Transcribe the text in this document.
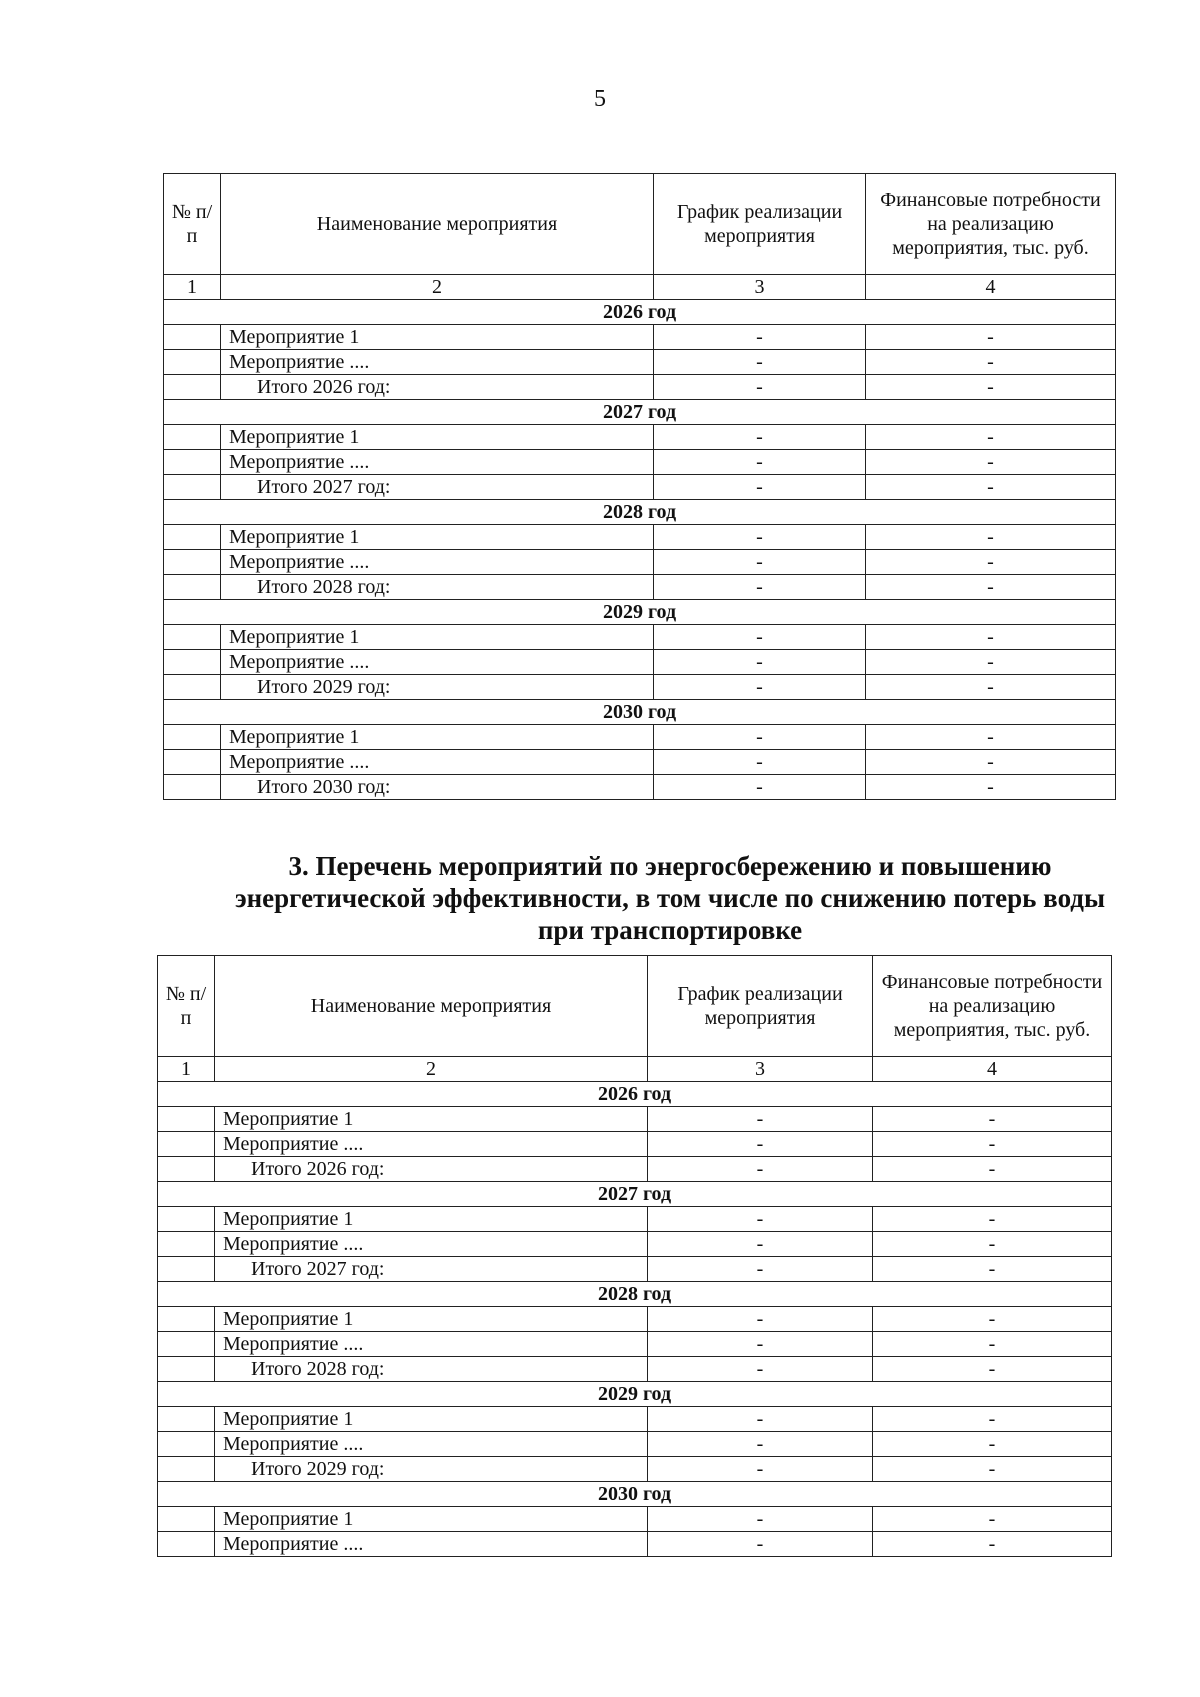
5
№ п/п	Наименование мероприятия	График реализации мероприятия	Финансовые потребности на реализацию мероприятия, тыс. руб.
1	2	3	4
2026 год			
	Мероприятие 1	-	-
	Мероприятие ....	-	-
	Итого 2026 год:	-	-
2027 год			
	Мероприятие 1	-	-
	Мероприятие ....	-	-
	Итого 2027 год:	-	-
2028 год			
	Мероприятие 1	-	-
	Мероприятие ....	-	-
	Итого 2028 год:	-	-
2029 год			
	Мероприятие 1	-	-
	Мероприятие ....	-	-
	Итого 2029 год:	-	-
2030 год			
	Мероприятие 1	-	-
	Мероприятие ....	-	-
	Итого 2030 год:	-	-
3. Перечень мероприятий по энергосбережению и повышению энергетической эффективности, в том числе по снижению потерь воды при транспортировке
№ п/п	Наименование мероприятия	График реализации мероприятия	Финансовые потребности на реализацию мероприятия, тыс. руб.
1	2	3	4
2026 год			
	Мероприятие 1	-	-
	Мероприятие ....	-	-
	Итого 2026 год:	-	-
2027 год			
	Мероприятие 1	-	-
	Мероприятие ....	-	-
	Итого 2027 год:	-	-
2028 год			
	Мероприятие 1	-	-
	Мероприятие ....	-	-
	Итого 2028 год:	-	-
2029 год			
	Мероприятие 1	-	-
	Мероприятие ....	-	-
	Итого 2029 год:	-	-
2030 год			
	Мероприятие 1	-	-
	Мероприятие ....	-	-
